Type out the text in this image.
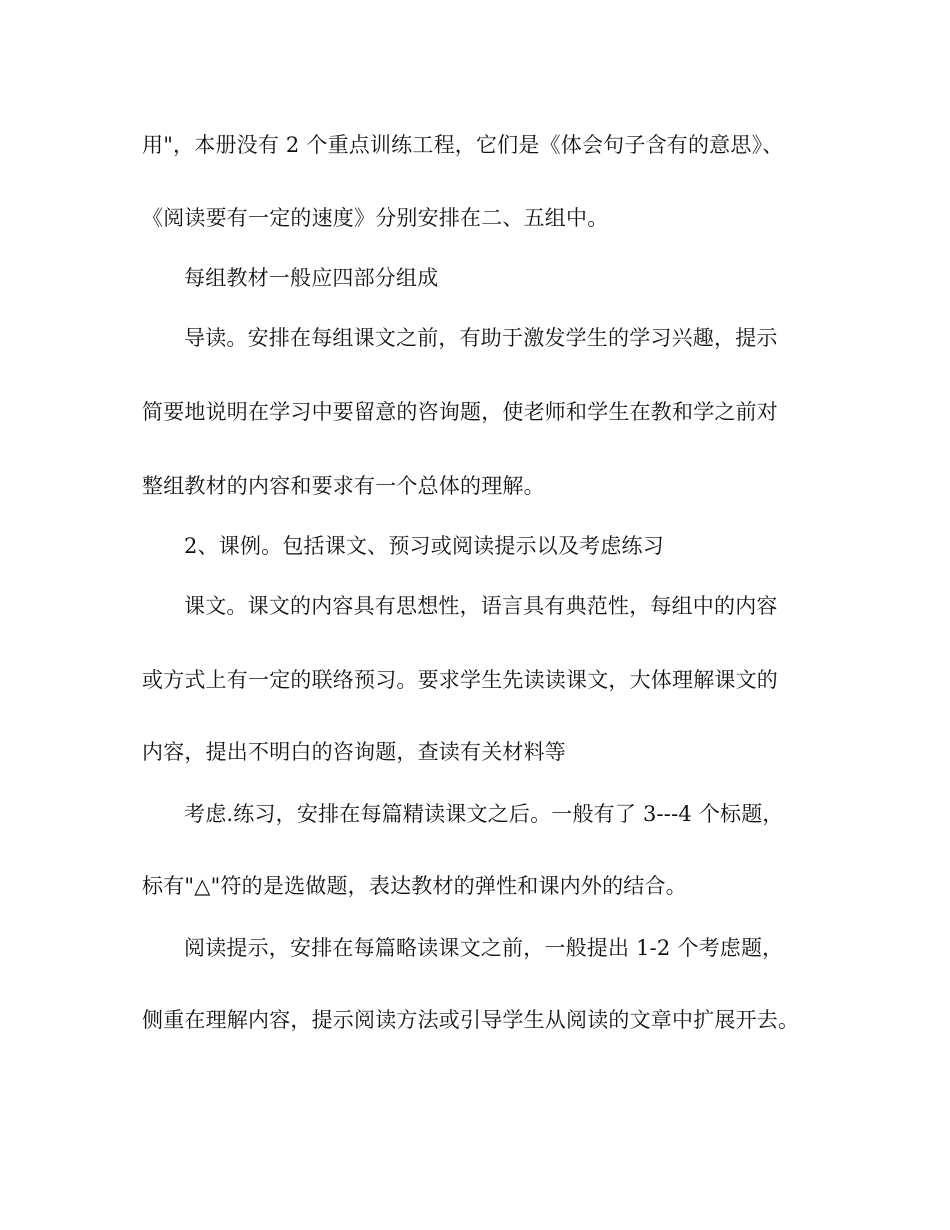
用"，本册没有 2 个重点训练工程，它们是《体会句子含有的意思》、
《阅读要有一定的速度》分别安排在二、五组中。
每组教材一般应四部分组成
导读。安排在每组课文之前，有助于激发学生的学习兴趣，提示
简要地说明在学习中要留意的咨询题，使老师和学生在教和学之前对
整组教材的内容和要求有一个总体的理解。
2、课例。包括课文、预习或阅读提示以及考虑练习
课文。课文的内容具有思想性，语言具有典范性，每组中的内容
或方式上有一定的联络预习。要求学生先读读课文，大体理解课文的
内容，提出不明白的咨询题，查读有关材料等
考虑.练习，安排在每篇精读课文之后。一般有了 3---4 个标题，
标有"△"符的是选做题，表达教材的弹性和课内外的结合。
阅读提示，安排在每篇略读课文之前，一般提出 1-2 个考虑题，
侧重在理解内容，提示阅读方法或引导学生从阅读的文章中扩展开去。
